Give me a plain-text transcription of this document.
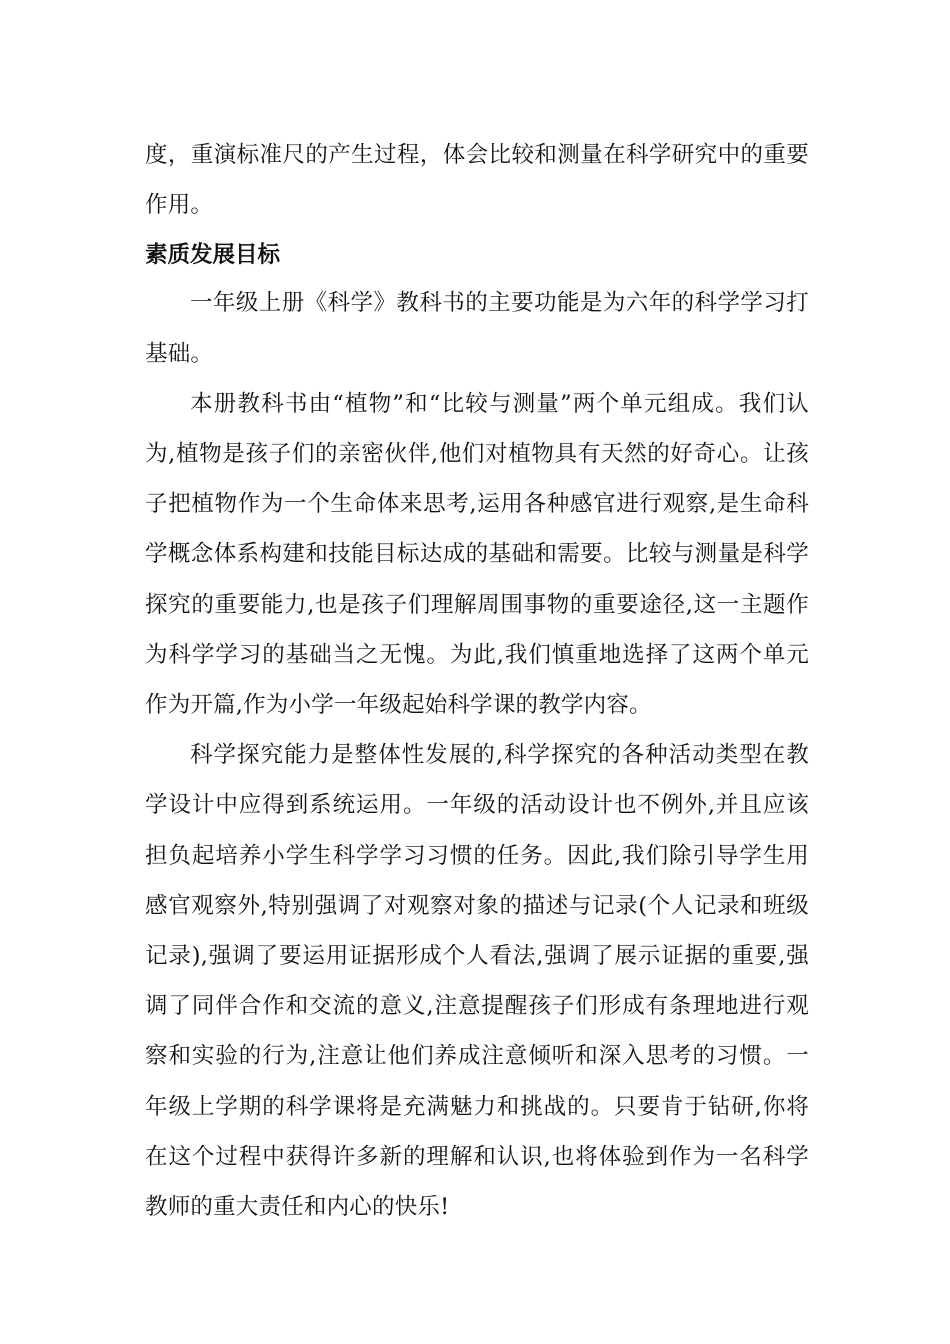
度，重演标准尺的产生过程，体会比较和测量在科学研究中的重要作用。

素质发展目标

一年级上册《科学》教科书的主要功能是为六年的科学学习打基础。

本册教科书由“植物”和“比较与测量”两个单元组成。我们认为,植物是孩子们的亲密伙伴,他们对植物具有天然的好奇心。让孩子把植物作为一个生命体来思考,运用各种感官进行观察,是生命科学概念体系构建和技能目标达成的基础和需要。比较与测量是科学探究的重要能力,也是孩子们理解周围事物的重要途径,这一主题作为科学学习的基础当之无愧。为此,我们慎重地选择了这两个单元作为开篇,作为小学一年级起始科学课的教学内容。

科学探究能力是整体性发展的,科学探究的各种活动类型在教学设计中应得到系统运用。一年级的活动设计也不例外,并且应该担负起培养小学生科学学习习惯的任务。因此,我们除引导学生用感官观察外,特别强调了对观察对象的描述与记录(个人记录和班级记录),强调了要运用证据形成个人看法,强调了展示证据的重要,强调了同伴合作和交流的意义,注意提醒孩子们形成有条理地进行观察和实验的行为,注意让他们养成注意倾听和深入思考的习惯。一年级上学期的科学课将是充满魅力和挑战的。只要肯于钻研,你将在这个过程中获得许多新的理解和认识,也将体验到作为一名科学教师的重大责任和内心的快乐!
